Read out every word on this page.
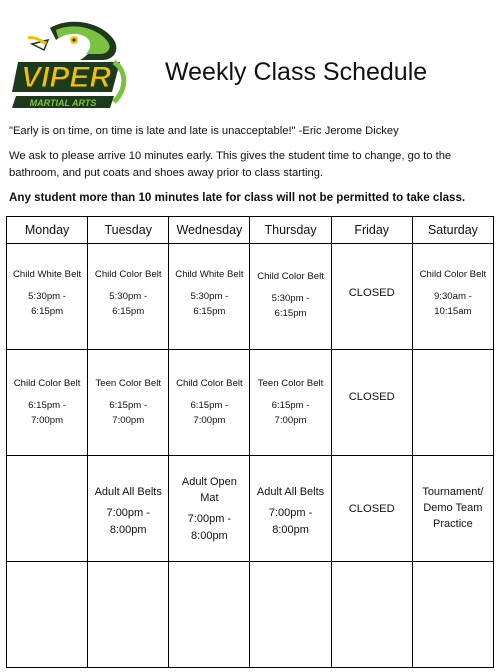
VIPER
MARTIAL ARTS
Weekly Class Schedule
"Early is on time, on time is late and late is unacceptable!" -Eric Jerome Dickey
We ask to please arrive 10 minutes early. This gives the student time to change, go to the bathroom, and put coats and shoes away prior to class starting.
Any student more than 10 minutes late for class will not be permitted to take class.
Monday	Tuesday	Wednesday	Thursday	Friday	Saturday

Child White Belt
5:30pm -
6:15pm	Child Color Belt
5:30pm -
6:15pm	Child White Belt
5:30pm -
6:15pm	Child Color Belt
5:30pm -
6:15pm	CLOSED	Child Color Belt
9:30am -
10:15am

Child Color Belt
6:15pm -
7:00pm	Teen Color Belt
6:15pm -
7:00pm	Child Color Belt
6:15pm -
7:00pm	Teen Color Belt
6:15pm -
7:00pm	CLOSED	

	Adult All Belts
7:00pm -
8:00pm	Adult Open
Mat
7:00pm -
8:00pm	Adult All Belts
7:00pm -
8:00pm	CLOSED	Tournament/
Demo Team
Practice
